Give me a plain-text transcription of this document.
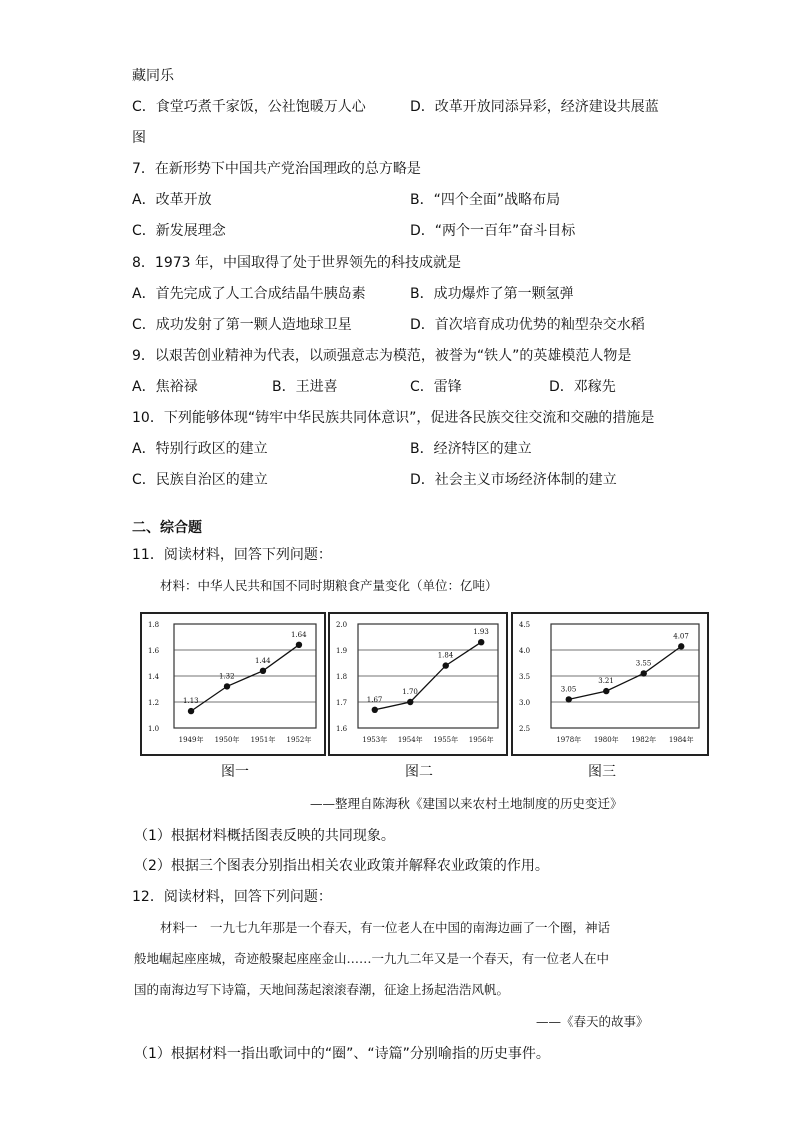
藏同乐
C．食堂巧煮千家饭，公社饱暖万人心	D．改革开放同添异彩，经济建设共展蓝
图
7．在新形势下中国共产党治国理政的总方略是
A．改革开放	B．“四个全面”战略布局
C．新发展理念	D．“两个一百年”奋斗目标
8．1973 年，中国取得了处于世界领先的科技成就是
A．首先完成了人工合成结晶牛胰岛素	B．成功爆炸了第一颗氢弹
C．成功发射了第一颗人造地球卫星	D．首次培育成功优势的籼型杂交水稻
9．以艰苦创业精神为代表，以顽强意志为模范，被誉为“铁人”的英雄模范人物是
A．焦裕禄	B．王进喜	C．雷锋	D．邓稼先
10．下列能够体现“铸牢中华民族共同体意识”，促进各民族交往交流和交融的措施是
A．特别行政区的建立	B．经济特区的建立
C．民族自治区的建立	D．社会主义市场经济体制的建立
二、综合题
11．阅读材料，回答下列问题：
材料：中华人民共和国不同时期粮食产量变化（单位：亿吨）
1.8
1.6
1.4
1.2
1.0
1.13
1.32
1.44
1.64
1949年 1950年 1951年 1952年
2.0
1.9
1.8
1.7
1.6
1.67
1.70
1.84
1.93
1953年 1954年 1955年 1956年
4.5
4.0
3.5
3.0
2.5
3.05
3.21
3.55
4.07
1978年 1980年 1982年 1984年
图一	图二	图三
——整理自陈海秋《建国以来农村土地制度的历史变迁》
（1）根据材料概括图表反映的共同现象。
（2）根据三个图表分别指出相关农业政策并解释农业政策的作用。
12．阅读材料，回答下列问题：
材料一　一九七九年那是一个春天，有一位老人在中国的南海边画了一个圈，神话
般地崛起座座城，奇迹般聚起座座金山……一九九二年又是一个春天，有一位老人在中
国的南海边写下诗篇，天地间荡起滚滚春潮，征途上扬起浩浩风帆。
——《春天的故事》
（1）根据材料一指出歌词中的“圈”、“诗篇”分别喻指的历史事件。
